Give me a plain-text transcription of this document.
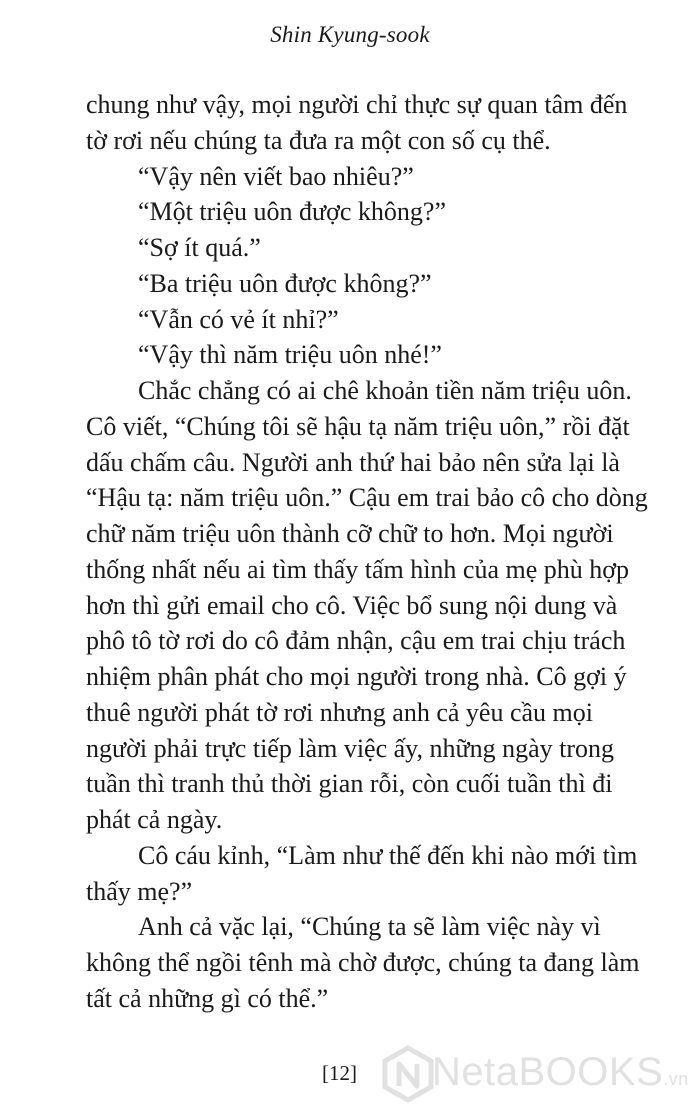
Shin Kyung-sook
chung như vậy, mọi người chỉ thực sự quan tâm đến
tờ rơi nếu chúng ta đưa ra một con số cụ thể.
“Vậy nên viết bao nhiêu?”
“Một triệu uôn được không?”
“Sợ ít quá.”
“Ba triệu uôn được không?”
“Vẫn có vẻ ít nhỉ?”
“Vậy thì năm triệu uôn nhé!”
Chắc chẳng có ai chê khoản tiền năm triệu uôn.
Cô viết, “Chúng tôi sẽ hậu tạ năm triệu uôn,” rồi đặt
dấu chấm câu. Người anh thứ hai bảo nên sửa lại là
“Hậu tạ: năm triệu uôn.” Cậu em trai bảo cô cho dòng
chữ năm triệu uôn thành cỡ chữ to hơn. Mọi người
thống nhất nếu ai tìm thấy tấm hình của mẹ phù hợp
hơn thì gửi email cho cô. Việc bổ sung nội dung và
phô tô tờ rơi do cô đảm nhận, cậu em trai chịu trách
nhiệm phân phát cho mọi người trong nhà. Cô gợi ý
thuê người phát tờ rơi nhưng anh cả yêu cầu mọi
người phải trực tiếp làm việc ấy, những ngày trong
tuần thì tranh thủ thời gian rỗi, còn cuối tuần thì đi
phát cả ngày.
Cô cáu kỉnh, “Làm như thế đến khi nào mới tìm
thấy mẹ?”
Anh cả vặc lại, “Chúng ta sẽ làm việc này vì
không thể ngồi tênh mà chờ được, chúng ta đang làm
tất cả những gì có thể.”
[12] NetaBOOKS.vn
